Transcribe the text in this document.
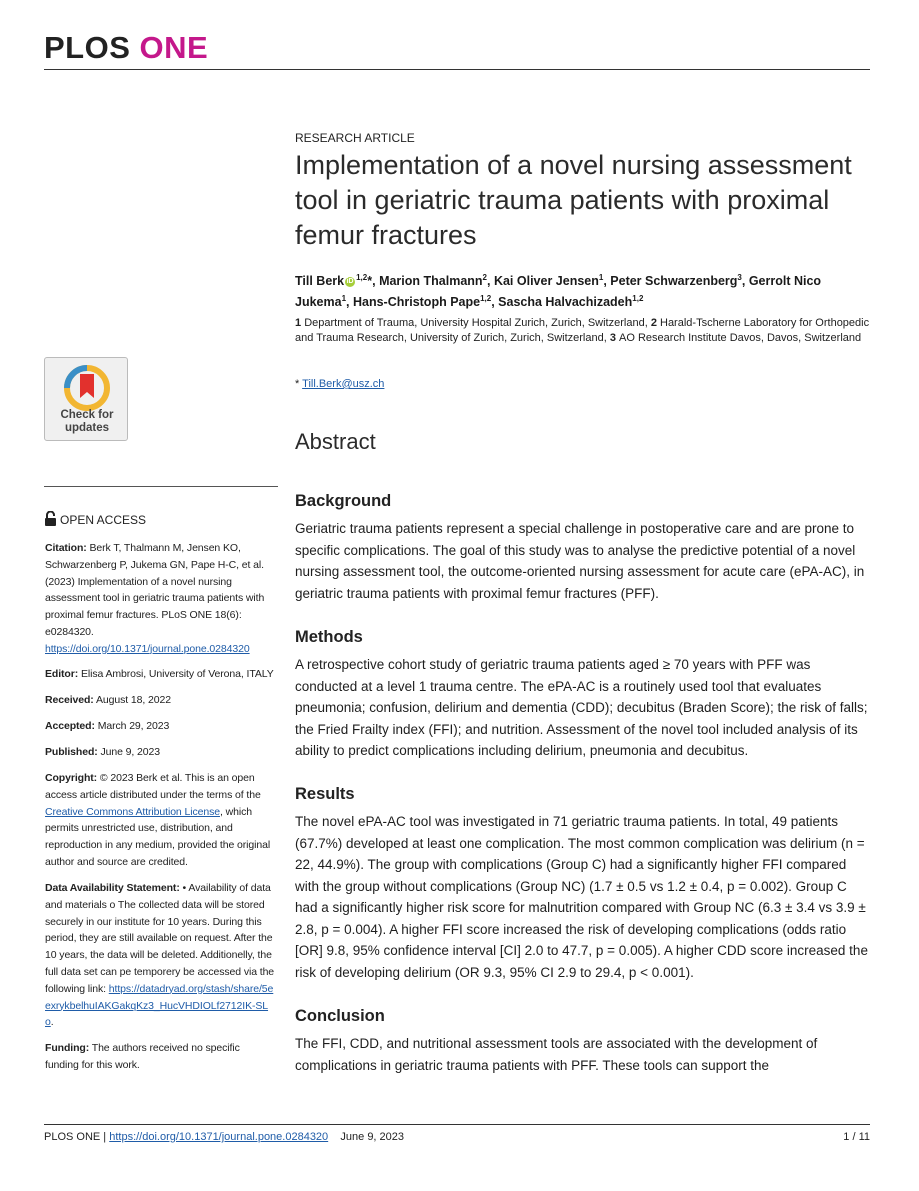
PLOS ONE
RESEARCH ARTICLE
Implementation of a novel nursing assessment tool in geriatric trauma patients with proximal femur fractures
Till Berk iD $^{1,2}$*, Marion Thalmann$^2$, Kai Oliver Jensen$^1$, Peter Schwarzenberg$^3$, Gerrolt Nico Jukema$^1$, Hans-Christoph Pape$^{1,2}$, Sascha Halvachizadeh$^{1,2}$
1 Department of Trauma, University Hospital Zurich, Zurich, Switzerland, 2 Harald-Tscherne Laboratory for Orthopedic and Trauma Research, University of Zurich, Zurich, Switzerland, 3 AO Research Institute Davos, Davos, Switzerland
* Till.Berk@usz.ch
Abstract
Background
Geriatric trauma patients represent a special challenge in postoperative care and are prone to specific complications. The goal of this study was to analyse the predictive potential of a novel nursing assessment tool, the outcome-oriented nursing assessment for acute care (ePA-AC), in geriatric trauma patients with proximal femur fractures (PFF).
Methods
A retrospective cohort study of geriatric trauma patients aged ≥ 70 years with PFF was conducted at a level 1 trauma centre. The ePA-AC is a routinely used tool that evaluates pneumonia; confusion, delirium and dementia (CDD); decubitus (Braden Score); the risk of falls; the Fried Frailty index (FFI); and nutrition. Assessment of the novel tool included analysis of its ability to predict complications including delirium, pneumonia and decubitus.
Results
The novel ePA-AC tool was investigated in 71 geriatric trauma patients. In total, 49 patients (67.7%) developed at least one complication. The most common complication was delirium (n = 22, 44.9%). The group with complications (Group C) had a significantly higher FFI compared with the group without complications (Group NC) (1.7 ± 0.5 vs 1.2 ± 0.4, p = 0.002). Group C had a significantly higher risk score for malnutrition compared with Group NC (6.3 ± 3.4 vs 3.9 ± 2.8, p = 0.004). A higher FFI score increased the risk of developing complications (odds ratio [OR] 9.8, 95% confidence interval [CI] 2.0 to 47.7, p = 0.005). A higher CDD score increased the risk of developing delirium (OR 9.3, 95% CI 2.9 to 29.4, p < 0.001).
Conclusion
The FFI, CDD, and nutritional assessment tools are associated with the development of complications in geriatric trauma patients with PFF. These tools can support the
Check for
updates
OPEN ACCESS
Citation: Berk T, Thalmann M, Jensen KO, Schwarzenberg P, Jukema GN, Pape H-C, et al. (2023) Implementation of a novel nursing assessment tool in geriatric trauma patients with proximal femur fractures. PLoS ONE 18(6): e0284320. https://doi.org/10.1371/journal.pone.0284320
Editor: Elisa Ambrosi, University of Verona, ITALY
Received: August 18, 2022
Accepted: March 29, 2023
Published: June 9, 2023
Copyright: © 2023 Berk et al. This is an open access article distributed under the terms of the Creative Commons Attribution License, which permits unrestricted use, distribution, and reproduction in any medium, provided the original author and source are credited.
Data Availability Statement: • Availability of data and materials o The collected data will be stored securely in our institute for 10 years. During this period, they are still available on request. After the 10 years, the data will be deleted. Additionelly, the full data set can pe temporery be accessed via the following link: https://datadryad.org/stash/share/5eexrykbelhuIAKGakqKz3_HucVHDIOLf2712IK-SLo.
Funding: The authors received no specific funding for this work.
PLOS ONE | https://doi.org/10.1371/journal.pone.0284320 June 9, 2023	1 / 11
